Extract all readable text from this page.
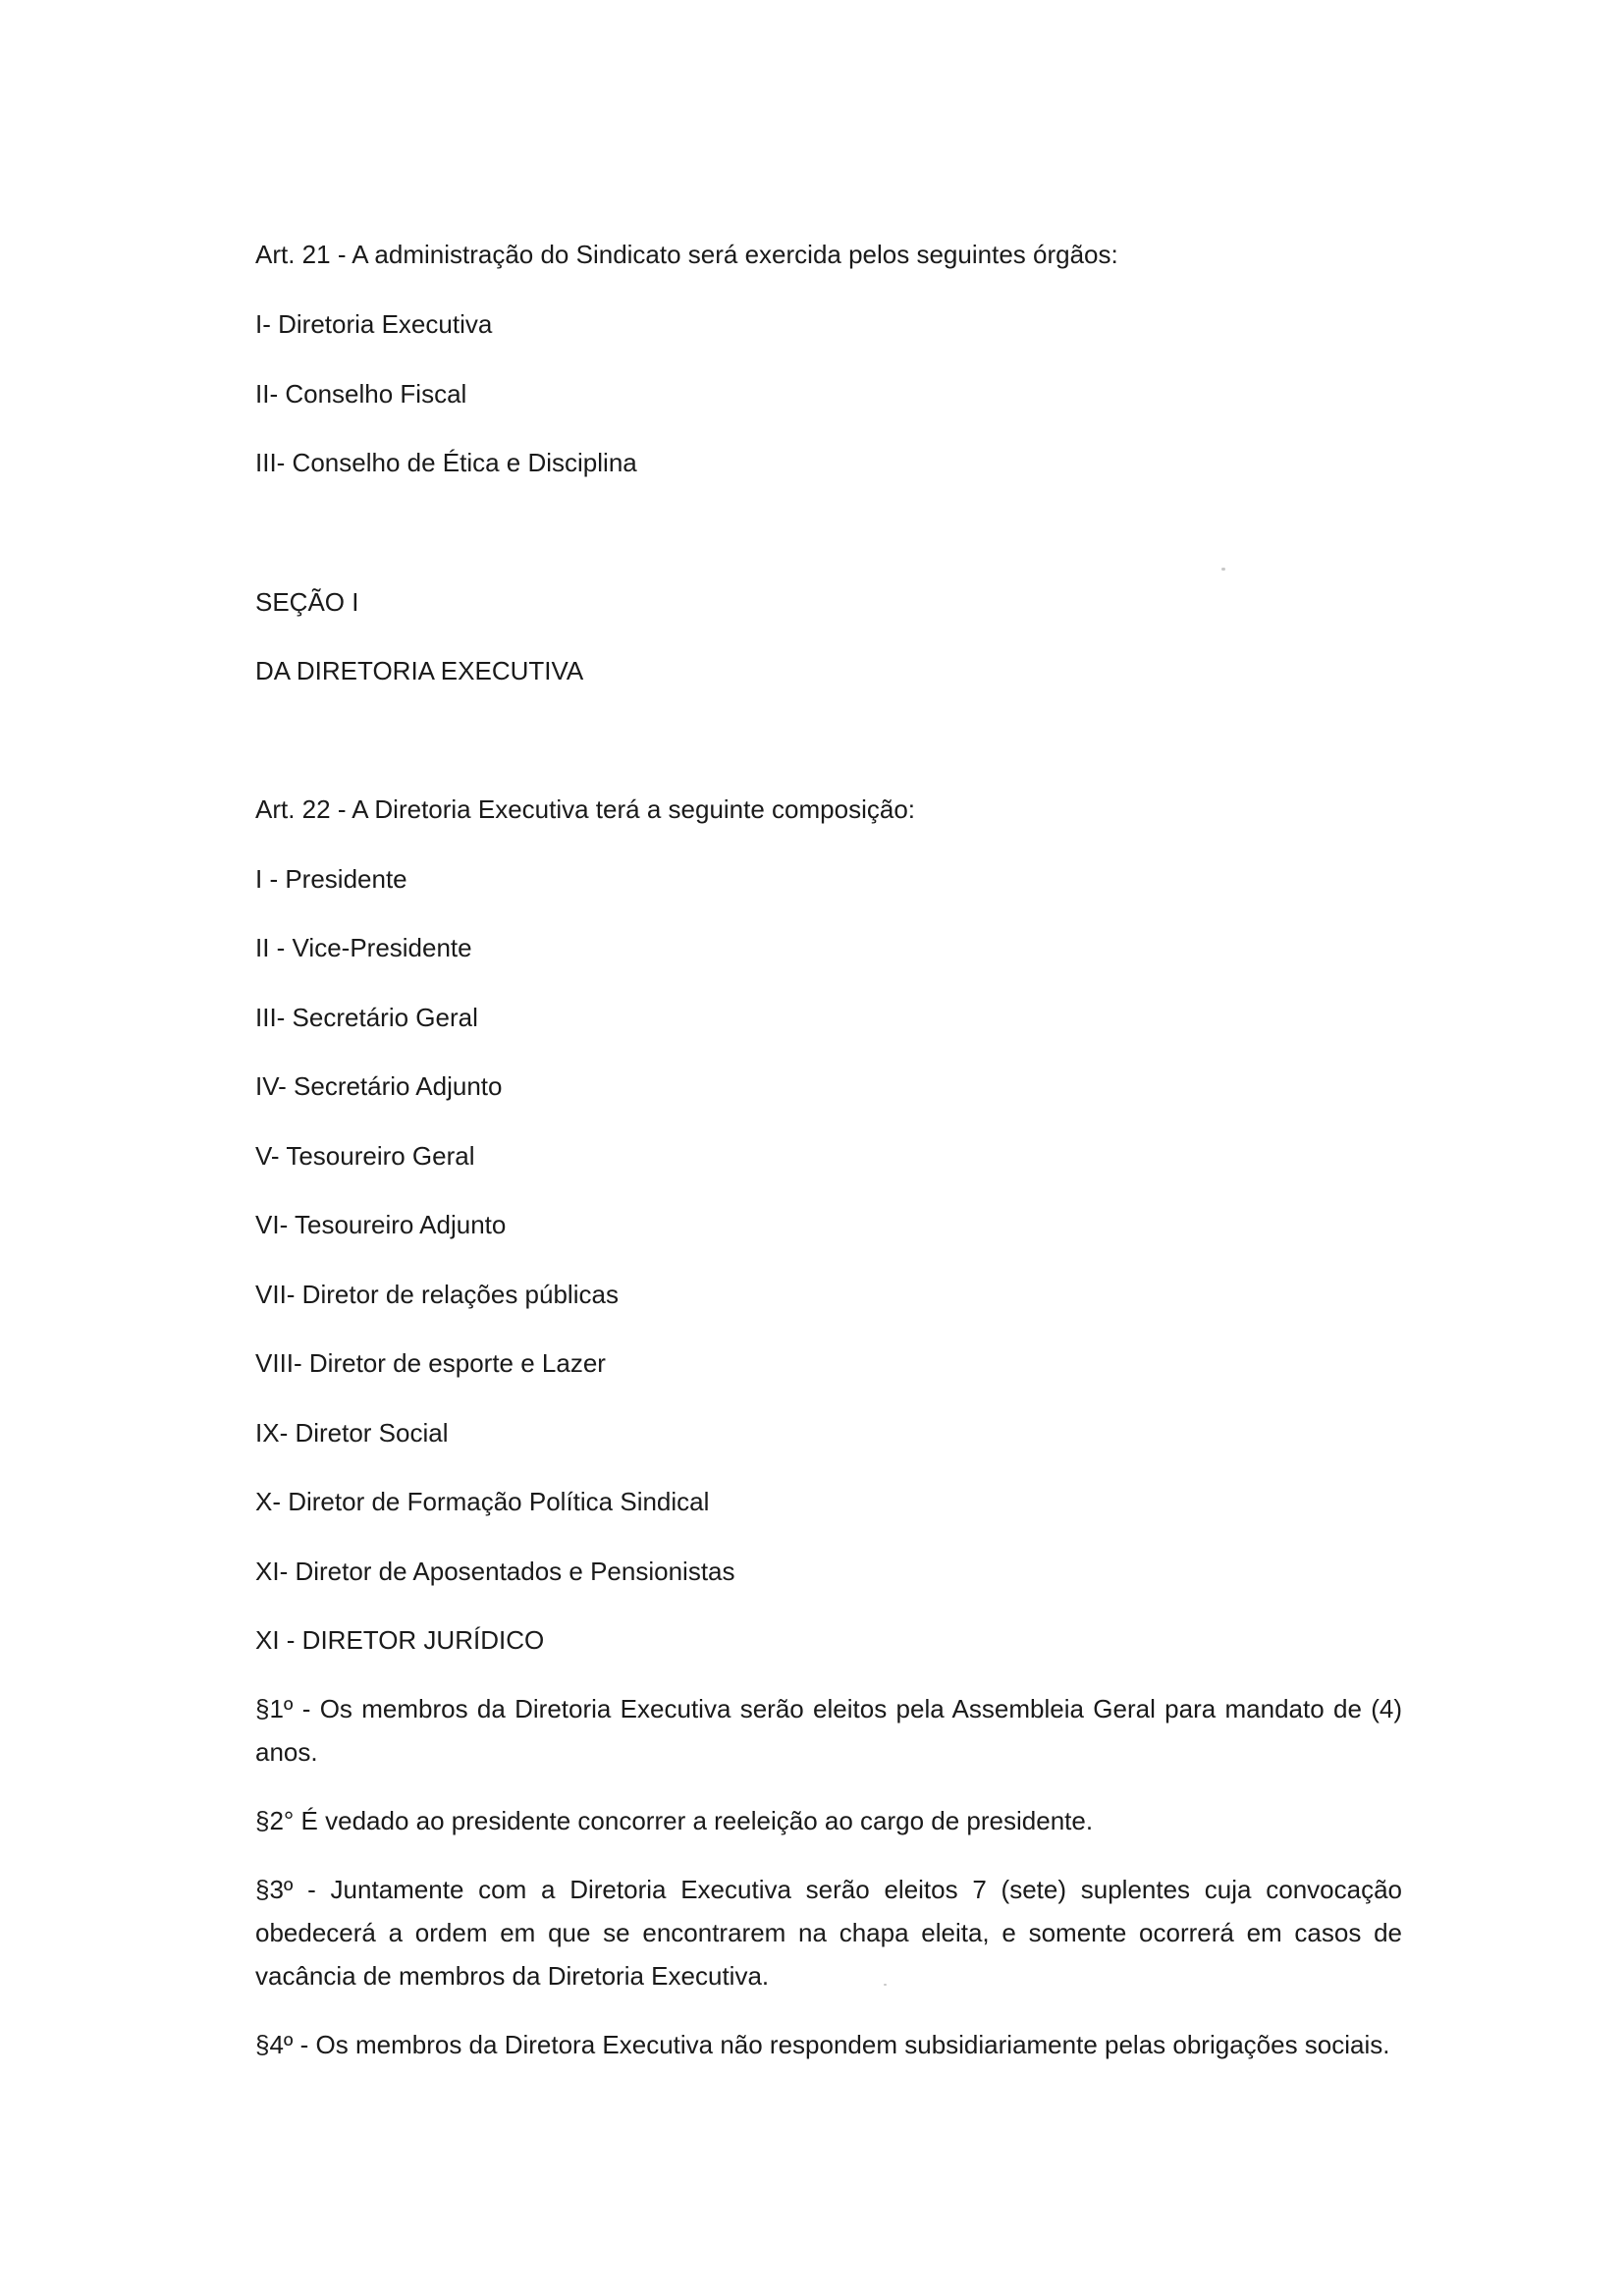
Art. 21 - A administração do Sindicato será exercida pelos seguintes órgãos:
I- Diretoria Executiva
II- Conselho Fiscal
III- Conselho de Ética e Disciplina
SEÇÃO I
DA DIRETORIA EXECUTIVA
Art. 22 - A Diretoria Executiva terá a seguinte composição:
I - Presidente
II - Vice-Presidente
III- Secretário Geral
IV- Secretário Adjunto
V- Tesoureiro Geral
VI- Tesoureiro Adjunto
VII- Diretor de relações públicas
VIII- Diretor de esporte e Lazer
IX- Diretor Social
X- Diretor de Formação Política Sindical
XI- Diretor de Aposentados e Pensionistas
XI - DIRETOR JURÍDICO
§1º - Os membros da Diretoria Executiva serão eleitos pela Assembleia Geral para mandato de (4) anos.
§2° É vedado ao presidente concorrer a reeleição ao cargo de presidente.
§3º - Juntamente com a Diretoria Executiva serão eleitos 7 (sete) suplentes cuja convocação obedecerá a ordem em que se encontrarem na chapa eleita, e somente ocorrerá em casos de vacância de membros da Diretoria Executiva.
§4º - Os membros da Diretora Executiva não respondem subsidiariamente pelas obrigações sociais.
